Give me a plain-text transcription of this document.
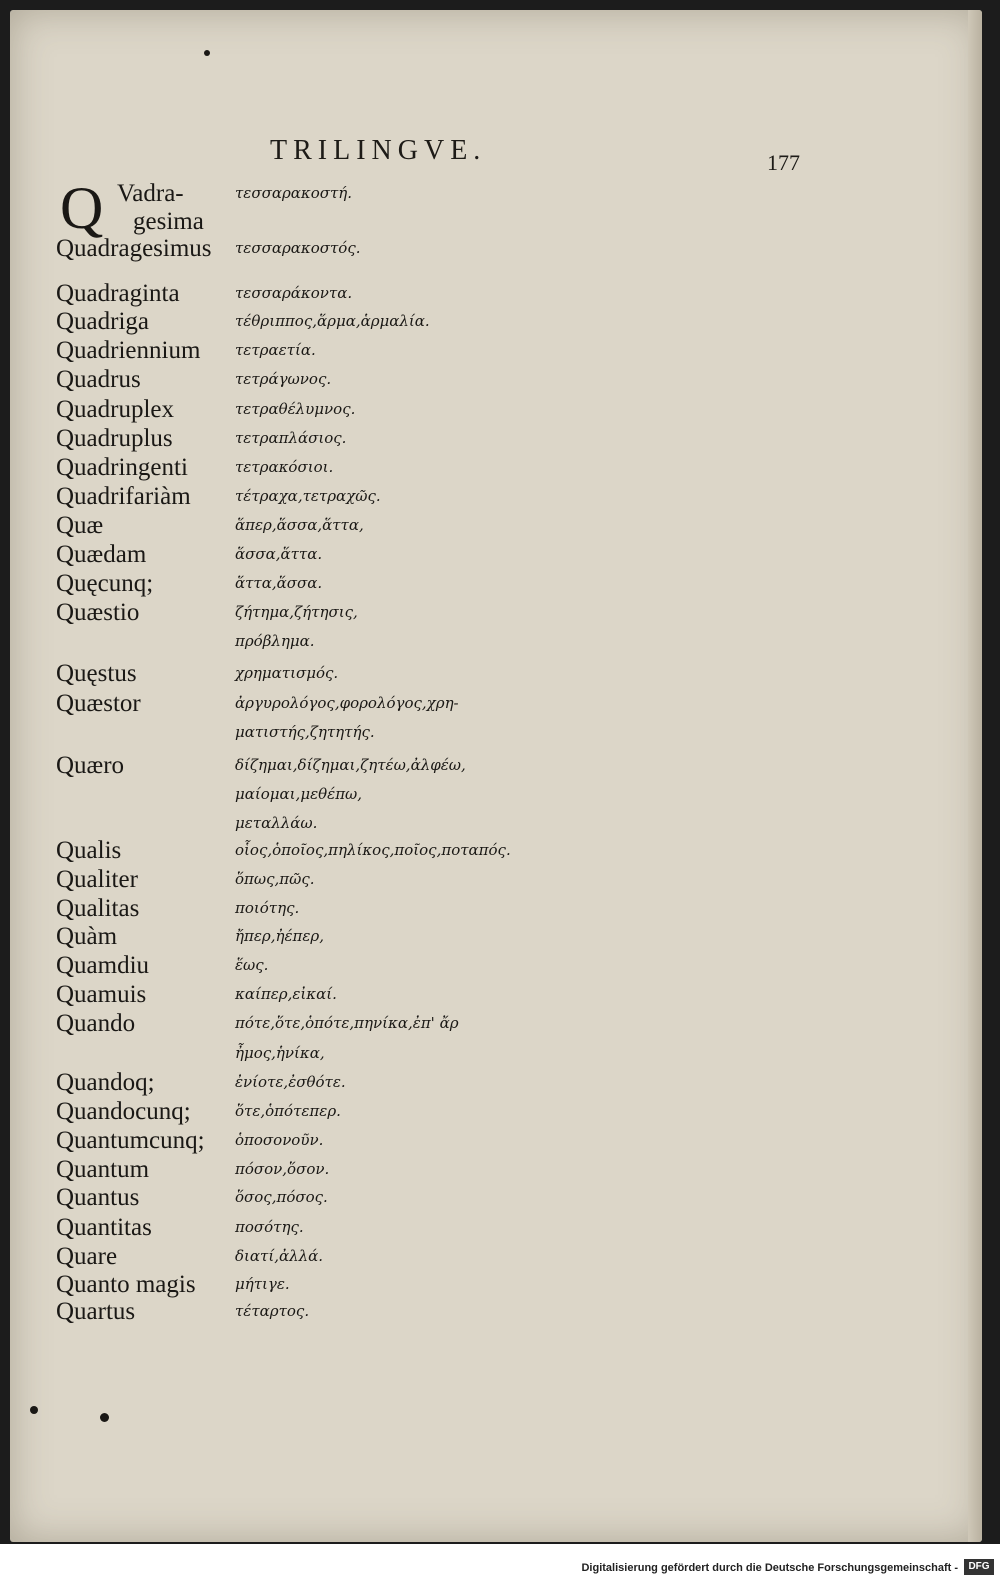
TRILINGVE.	177
Q Vadra-	τεσσαρακοστή.
gesima
Quadragesimus τεσσαρακοστός.
Quadraginta	τεσσαράκοντα.
Quadriga	τέθριππος,ἅρμα,ἁρμαλία.
Quadriennium τετραετία.
Quadrus	τετράγωνος.
Quadruplex	τετραθέλυμνος.
Quadruplus	τετραπλάσιος.
Quadringenti	τετρακόσιοι.
Quadrifariàm	τέτραχα,τετραχῶς.
Quæ	ἅπερ,ἅσσα,ἅττα,
Quædam	ἅσσα,ἅττα.
Quęcunq;	ἅττα,ἅσσα.
Quæstio	ζήτημα,ζήτησις,
πρόβλημα.
Quęstus	χρηματισμός.
Quæstor	ἀργυρολόγος,φορολόγος,χρη-
ματιστής,ζητητής.
Quæro	δίζημαι,δίζημαι,ζητέω,ἀλφέω,
μαίομαι,μεθέπω,
μεταλλάω.
Qualis	οἷος,ὁποῖος,πηλίκος,ποῖος,ποταπός.
Qualiter	ὅπως,πῶς.
Qualitas	ποιότης.
Quàm	ἤπερ,ἠέπερ,
Quamdiu	ἕως.
Quamuis	καίπερ,εἰκαί.
Quando	πότε,ὅτε,ὁπότε,πηνίκα,ἐπ' ἄρ
ἦμος,ἡνίκα,
Quandoq;	ἐνίοτε,ἐσθότε.
Quandocunq;	ὅτε,ὁπότεπερ.
Quantumcunq; ὁποσονοῦν.
Quantum	πόσον,ὅσον.
Quantus	ὅσος,πόσος.
Quantitas	ποσότης.
Quare	διατί,ἀλλά.
Quanto magis	μήτιγε.
Quartus	τέταρτος.
Digitalisierung gefördert durch die Deutsche Forschungsgemeinschaft -	DFG
